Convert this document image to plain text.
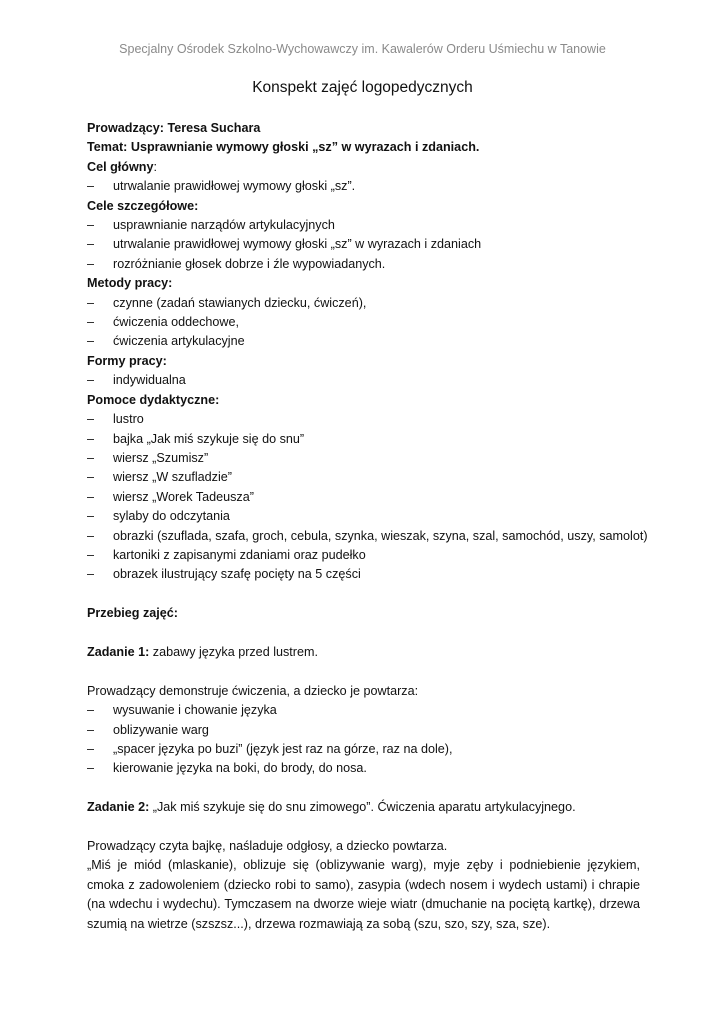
Specjalny Ośrodek Szkolno-Wychowawczy im. Kawalerów Orderu Uśmiechu w Tanowie
Konspekt zajęć logopedycznych
Prowadzący: Teresa Suchara
Temat: Usprawnianie wymowy głoski „sz” w wyrazach i zdaniach.
Cel główny:
– utrwalanie prawidłowej wymowy głoski „sz”.
Cele szczegółowe:
– usprawnianie narządów artykulacyjnych
– utrwalanie prawidłowej wymowy głoski „sz” w wyrazach i zdaniach
– rozróżnianie głosek dobrze i źle wypowiadanych.
Metody pracy:
– czynne (zadań stawianych dziecku, ćwiczeń),
– ćwiczenia oddechowe,
– ćwiczenia artykulacyjne
Formy pracy:
– indywidualna
Pomoce dydaktyczne:
– lustro
– bajka „Jak miś szykuje się do snu”
– wiersz „Szumisz”
– wiersz „W szufladzie”
– wiersz „Worek Tadeusza”
– sylaby do odczytania
– obrazki (szuflada, szafa, groch, cebula, szynka, wieszak, szyna, szal, samochód, uszy, samolot)
– kartoniki z zapisanymi zdaniami oraz pudełko
– obrazek ilustrujący szafę pocięty na 5 części
Przebieg zajęć:
Zadanie 1: zabawy języka przed lustrem.
Prowadzący demonstruje ćwiczenia, a dziecko je powtarza:
– wysuwanie i chowanie języka
– oblizywanie warg
– „spacer języka po buzi” (język jest raz na górze, raz na dole),
– kierowanie języka na boki, do brody, do nosa.
Zadanie 2: „Jak miś szykuje się do snu zimowego”. Ćwiczenia aparatu artykulacyjnego.
Prowadzący czyta bajkę, naśladuje odgłosy, a dziecko powtarza.
„Miś je miód (mlaskanie), oblizuje się (oblizywanie warg), myje zęby i podniebienie językiem, cmoka z zadowoleniem (dziecko robi to samo), zasypia (wdech nosem i wydech ustami) i chrapie (na wdechu i wydechu). Tymczasem na dworze wieje wiatr (dmuchanie na pociętą kartkę), drzewa szumią na wietrze (szszsz...), drzewa rozmawiają za sobą (szu, szo, szy, sza, sze).
